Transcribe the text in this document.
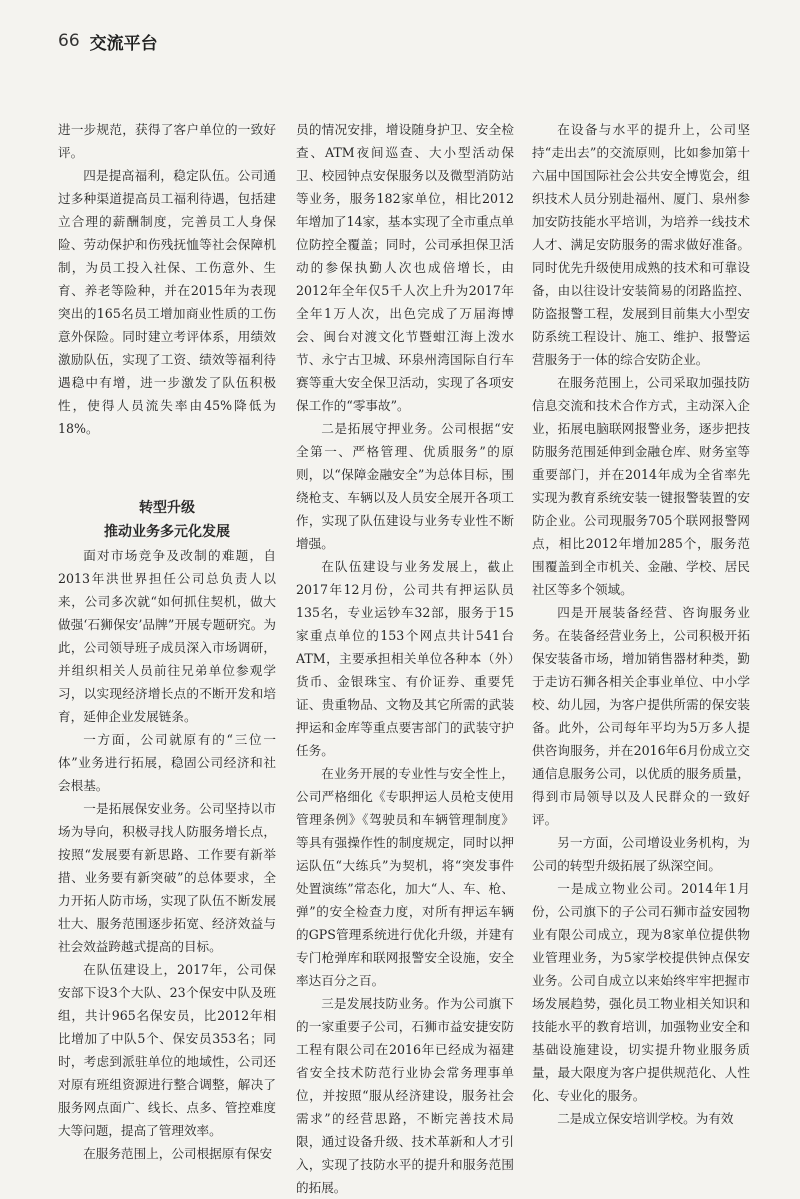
66 交流平台

进一步规范，获得了客户单位的一致好评。

四是提高福利，稳定队伍。公司通过多种渠道提高员工福利待遇，包括建立合理的薪酬制度，完善员工人身保险、劳动保护和伤残抚恤等社会保障机制，为员工投入社保、工伤意外、生育、养老等险种，并在2015年为表现突出的165名员工增加商业性质的工伤意外保险。同时建立考评体系，用绩效激励队伍，实现了工资、绩效等福利待遇稳中有增，进一步激发了队伍积极性，使得人员流失率由45%降低为18%。

转型升级

推动业务多元化发展

面对市场竞争及改制的难题，自2013年洪世界担任公司总负责人以来，公司多次就“如何抓住契机，做大做强‘石狮保安’品牌”开展专题研究。为此，公司领导班子成员深入市场调研，并组织相关人员前往兄弟单位参观学习，以实现经济增长点的不断开发和培育，延伸企业发展链条。

一方面，公司就原有的“三位一体”业务进行拓展，稳固公司经济和社会根基。

一是拓展保安业务。公司坚持以市场为导向，积极寻找人防服务增长点，按照“发展要有新思路、工作要有新举措、业务要有新突破”的总体要求，全力开拓人防市场，实现了队伍不断发展壮大、服务范围逐步拓宽、经济效益与社会效益跨越式提高的目标。

在队伍建设上，2017年，公司保安部下设3个大队、23个保安中队及班组，共计965名保安员，比2012年相比增加了中队5个、保安员353名；同时，考虑到派驻单位的地域性，公司还对原有班组资源进行整合调整，解决了服务网点面广、线长、点多、管控难度大等问题，提高了管理效率。

在服务范围上，公司根据原有保安

员的情况安排，增设随身护卫、安全检查、ATM夜间巡查、大小型活动保卫、校园钟点安保服务以及微型消防站等业务，服务182家单位，相比2012年增加了14家，基本实现了全市重点单位防控全覆盖；同时，公司承担保卫活动的参保执勤人次也成倍增长，由2012年全年仅5千人次上升为2017年全年1万人次，出色完成了万届海博会、闽台对渡文化节暨蚶江海上泼水节、永宁古卫城、环泉州湾国际自行车赛等重大安全保卫活动，实现了各项安保工作的“零事故”。

二是拓展守押业务。公司根据“安全第一、严格管理、优质服务”的原则，以“保障金融安全”为总体目标，围绕枪支、车辆以及人员安全展开各项工作，实现了队伍建设与业务专业性不断增强。

在队伍建设与业务发展上，截止2017年12月份，公司共有押运队员135名，专业运钞车32部，服务于15家重点单位的153个网点共计541台ATM，主要承担相关单位各种本（外）货币、金银珠宝、有价证券、重要凭证、贵重物品、文物及其它所需的武装押运和金库等重点要害部门的武装守护任务。

在业务开展的专业性与安全性上，公司严格细化《专职押运人员枪支使用管理条例》《驾驶员和车辆管理制度》等具有强操作性的制度规定，同时以押运队伍“大练兵”为契机，将“突发事件处置演练”常态化，加大“人、车、枪、弹”的安全检查力度，对所有押运车辆的GPS管理系统进行优化升级，并建有专门枪弹库和联网报警安全设施，安全率达百分之百。

三是发展技防业务。作为公司旗下的一家重要子公司，石狮市益安捷安防工程有限公司在2016年已经成为福建省安全技术防范行业协会常务理事单位，并按照“服从经济建设，服务社会需求”的经营思路，不断完善技术局限，通过设备升级、技术革新和人才引入，实现了技防水平的提升和服务范围的拓展。

在设备与水平的提升上，公司坚持“走出去”的交流原则，比如参加第十六届中国国际社会公共安全博览会，组织技术人员分别赴福州、厦门、泉州参加安防技能水平培训，为培养一线技术人才、满足安防服务的需求做好准备。同时优先升级使用成熟的技术和可靠设备，由以往设计安装简易的闭路监控、防盗报警工程，发展到目前集大小型安防系统工程设计、施工、维护、报警运营服务于一体的综合安防企业。

在服务范围上，公司采取加强技防信息交流和技术合作方式，主动深入企业，拓展电脑联网报警业务，逐步把技防服务范围延伸到金融仓库、财务室等重要部门，并在2014年成为全省率先实现为教育系统安装一键报警装置的安防企业。公司现服务705个联网报警网点，相比2012年增加285个，服务范围覆盖到全市机关、金融、学校、居民社区等多个领域。

四是开展装备经营、咨询服务业务。在装备经营业务上，公司积极开拓保安装备市场，增加销售器材种类，勤于走访石狮各相关企事业单位、中小学校、幼儿园，为客户提供所需的保安装备。此外，公司每年平均为5万多人提供咨询服务，并在2016年6月份成立交通信息服务公司，以优质的服务质量，得到市局领导以及人民群众的一致好评。

另一方面，公司增设业务机构，为公司的转型升级拓展了纵深空间。

一是成立物业公司。2014年1月份，公司旗下的子公司石狮市益安园物业有限公司成立，现为8家单位提供物业管理业务，为5家学校提供钟点保安业务。公司自成立以来始终牢牢把握市场发展趋势，强化员工物业相关知识和技能水平的教育培训，加强物业安全和基础设施建设，切实提升物业服务质量，最大限度为客户提供规范化、人性化、专业化的服务。

二是成立保安培训学校。为有效
